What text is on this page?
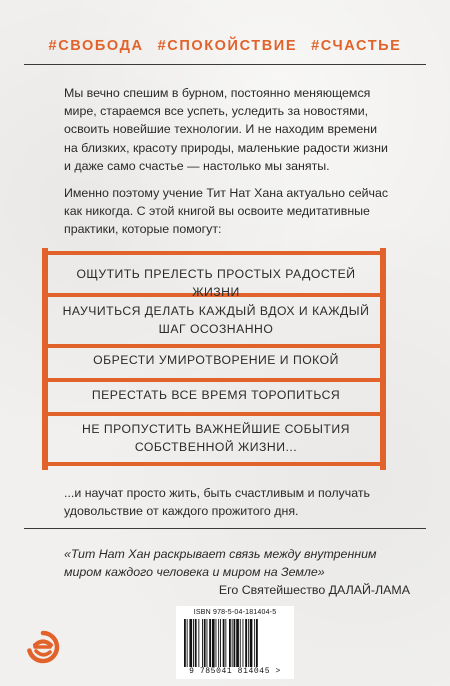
#СВОБОДА #СПОКОЙСТВИЕ #СЧАСТЬЕ
Мы вечно спешим в бурном, постоянно меняющемся мире, стараемся все успеть, уследить за новостями, освоить новейшие технологии. И не находим времени на близких, красоту природы, маленькие радости жизни и даже само счастье — настолько мы заняты.
Именно поэтому учение Тит Нат Хана актуально сейчас как никогда. С этой книгой вы освоите медитативные практики, которые помогут:
ОЩУТИТЬ ПРЕЛЕСТЬ ПРОСТЫХ РАДОСТЕЙ ЖИЗНИ
НАУЧИТЬСЯ ДЕЛАТЬ КАЖДЫЙ ВДОХ И КАЖДЫЙ ШАГ ОСОЗНАННО
ОБРЕСТИ УМИРОТВОРЕНИЕ И ПОКОЙ
ПЕРЕСТАТЬ ВСЕ ВРЕМЯ ТОРОПИТЬСЯ
НЕ ПРОПУСТИТЬ ВАЖНЕЙШИЕ СОБЫТИЯ СОБСТВЕННОЙ ЖИЗНИ...
...и научат просто жить, быть счастливым и получать удовольствие от каждого прожитого дня.
«Тит Нат Хан раскрывает связь между внутренним миром каждого человека и миром на Земле»
Его Святейшество ДАЛАЙ-ЛАМА
ISBN 978-5-04-181404-5
9 785041 814045 >
